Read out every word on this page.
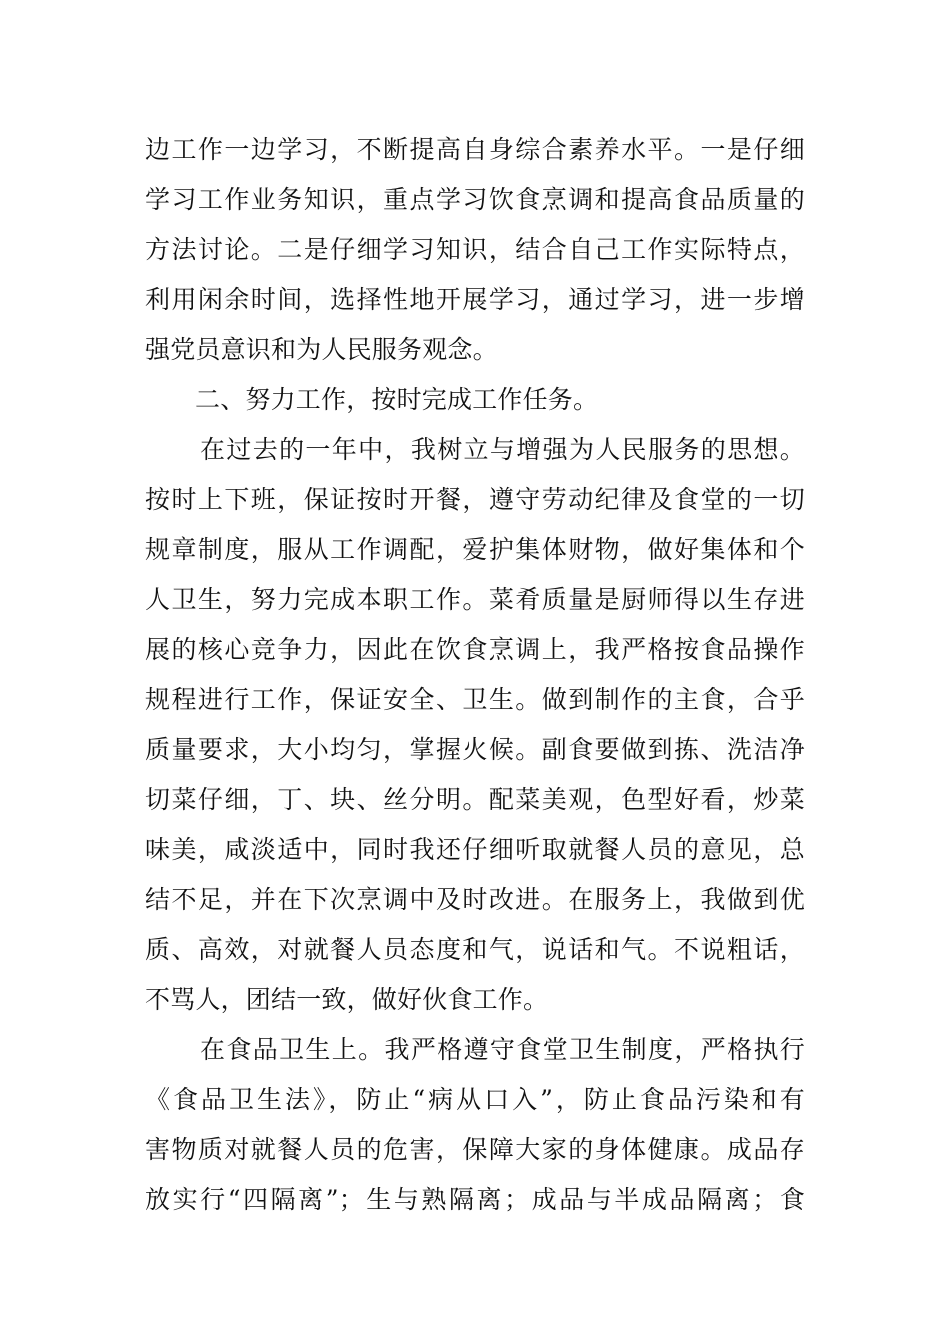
边工作一边学习，不断提高自身综合素养水平。一是仔细
学习工作业务知识，重点学习饮食烹调和提高食品质量的
方法讨论。二是仔细学习知识，结合自己工作实际特点，
利用闲余时间，选择性地开展学习，通过学习，进一步增
强党员意识和为人民服务观念。
二、努力工作，按时完成工作任务。
在过去的一年中，我树立与增强为人民服务的思想。
按时上下班，保证按时开餐，遵守劳动纪律及食堂的一切
规章制度，服从工作调配，爱护集体财物，做好集体和个
人卫生，努力完成本职工作。菜肴质量是厨师得以生存进
展的核心竞争力，因此在饮食烹调上，我严格按食品操作
规程进行工作，保证安全、卫生。做到制作的主食，合乎
质量要求，大小均匀，掌握火候。副食要做到拣、洗洁净
切菜仔细，丁、块、丝分明。配菜美观，色型好看，炒菜
味美，咸淡适中，同时我还仔细听取就餐人员的意见，总
结不足，并在下次烹调中及时改进。在服务上，我做到优
质、高效，对就餐人员态度和气，说话和气。不说粗话，
不骂人，团结一致，做好伙食工作。
在食品卫生上。我严格遵守食堂卫生制度，严格执行
《食品卫生法》，防止“病从口入”，防止食品污染和有
害物质对就餐人员的危害，保障大家的身体健康。成品存
放实行“四隔离”；生与熟隔离；成品与半成品隔离；食
